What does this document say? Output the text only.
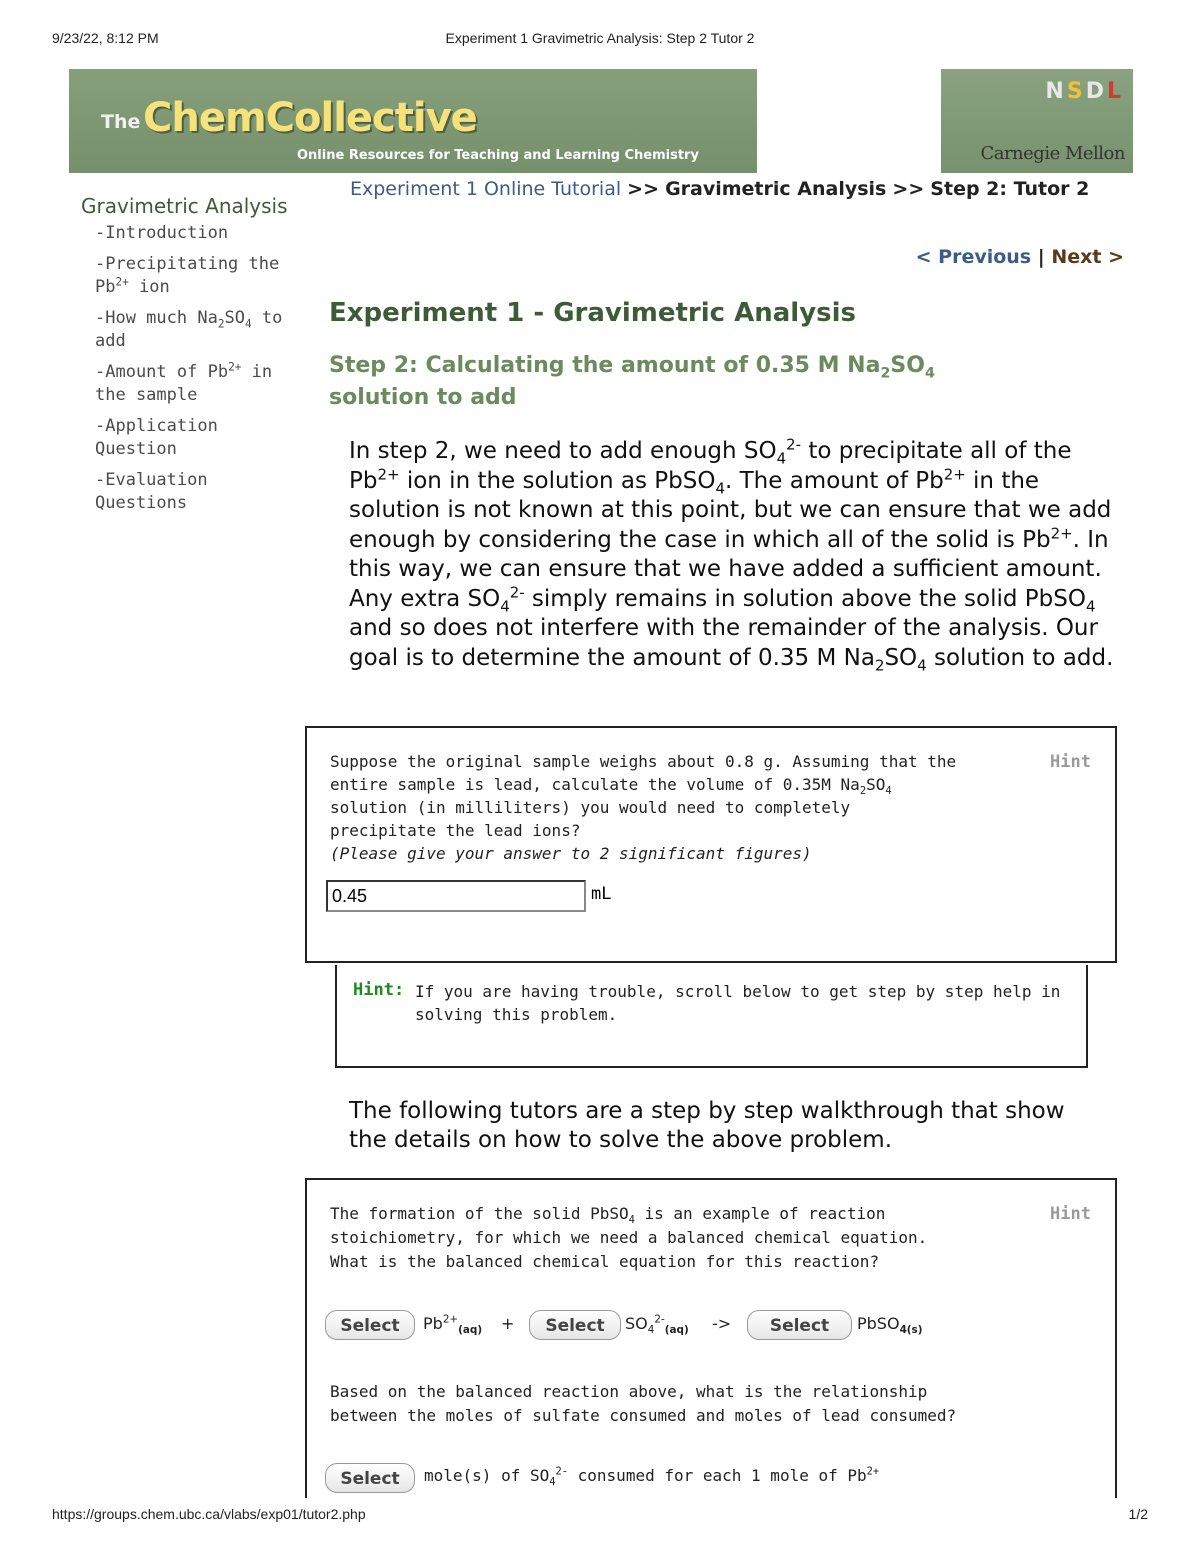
9/23/22, 8:12 PM	Experiment 1 Gravimetric Analysis: Step 2 Tutor 2
The ChemCollective
Online Resources for Teaching and Learning Chemistry
NSDL
Carnegie Mellon
Gravimetric Analysis
-Introduction
-Precipitating the $Pb^{2+}$ ion
-How much $Na_2SO_4$ to add
-Amount of $Pb^{2+}$ in the sample
-Application Question
-Evaluation Questions
Experiment 1 Online Tutorial >> Gravimetric Analysis >> Step 2: Tutor 2
< Previous | Next >
Experiment 1 - Gravimetric Analysis
Step 2: Calculating the amount of 0.35 M $Na_2SO_4$
solution to add
In step 2, we need to add enough $SO_4^{2-}$ to precipitate all of the $Pb^{2+}$ ion in the solution as PbSO$_4$. The amount of $Pb^{2+}$ in the solution is not known at this point, but we can ensure that we add enough by considering the case in which all of the solid is $Pb^{2+}$. In this way, we can ensure that we have added a sufficient amount. Any extra $SO_4^{2-}$ simply remains in solution above the solid PbSO$_4$ and so does not interfere with the remainder of the analysis. Our goal is to determine the amount of 0.35 M $Na_2SO_4$ solution to add.
Suppose the original sample weighs about 0.8 g. Assuming that the entire sample is lead, calculate the volume of 0.35M $Na_2SO_4$ solution (in milliliters) you would need to completely precipitate the lead ions?
(Please give your answer to 2 significant figures)
Hint
0.45
mL
Hint: If you are having trouble, scroll below to get step by step help in solving this problem.
The following tutors are a step by step walkthrough that show the details on how to solve the above problem.
The formation of the solid PbSO$_4$ is an example of reaction stoichiometry, for which we need a balanced chemical equation. What is the balanced chemical equation for this reaction?
Hint
Select	$Pb^{2+}_{(aq)}$ +	Select	$SO_4^{2-}_{(aq)}$ ->	Select	PbSO$_{4(s)}$
Based on the balanced reaction above, what is the relationship between the moles of sulfate consumed and moles of lead consumed?
Select	mole(s) of $SO_4^{2-}$ consumed for each 1 mole of $Pb^{2+}$
https://groups.chem.ubc.ca/vlabs/exp01/tutor2.php	1/2
